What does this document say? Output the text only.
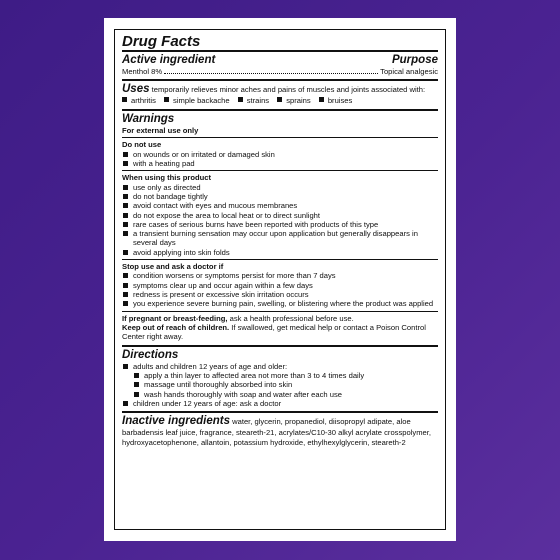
Drug Facts
Active ingredient	Purpose
Menthol 8%	Topical analgesic
Uses temporarily relieves minor aches and pains of muscles and joints associated with:
arthritis simple backache strains sprains bruises
Warnings
For external use only
Do not use
on wounds or on irritated or damaged skin
with a heating pad
When using this product
use only as directed
do not bandage tightly
avoid contact with eyes and mucous membranes
do not expose the area to local heat or to direct sunlight
rare cases of serious burns have been reported with products of this type
a transient burning sensation may occur upon application but generally disappears in several days
avoid applying into skin folds
Stop use and ask a doctor if
condition worsens or symptoms persist for more than 7 days
symptoms clear up and occur again within a few days
redness is present or excessive skin irritation occurs
you experience severe burning pain, swelling, or blistering where the product was applied
If pregnant or breast-feeding, ask a health professional before use.
Keep out of reach of children. If swallowed, get medical help or contact a Poison Control Center right away.
Directions
adults and children 12 years of age and older:
apply a thin layer to affected area not more than 3 to 4 times daily
massage until thoroughly absorbed into skin
wash hands thoroughly with soap and water after each use
children under 12 years of age: ask a doctor
Inactive ingredients water, glycerin, propanediol, diisopropyl adipate, aloe barbadensis leaf juice, fragrance, steareth-21, acrylates/C10-30 alkyl acrylate crosspolymer, hydroxyacetophenone, allantoin, potassium hydroxide, ethylhexylglycerin, steareth-2
